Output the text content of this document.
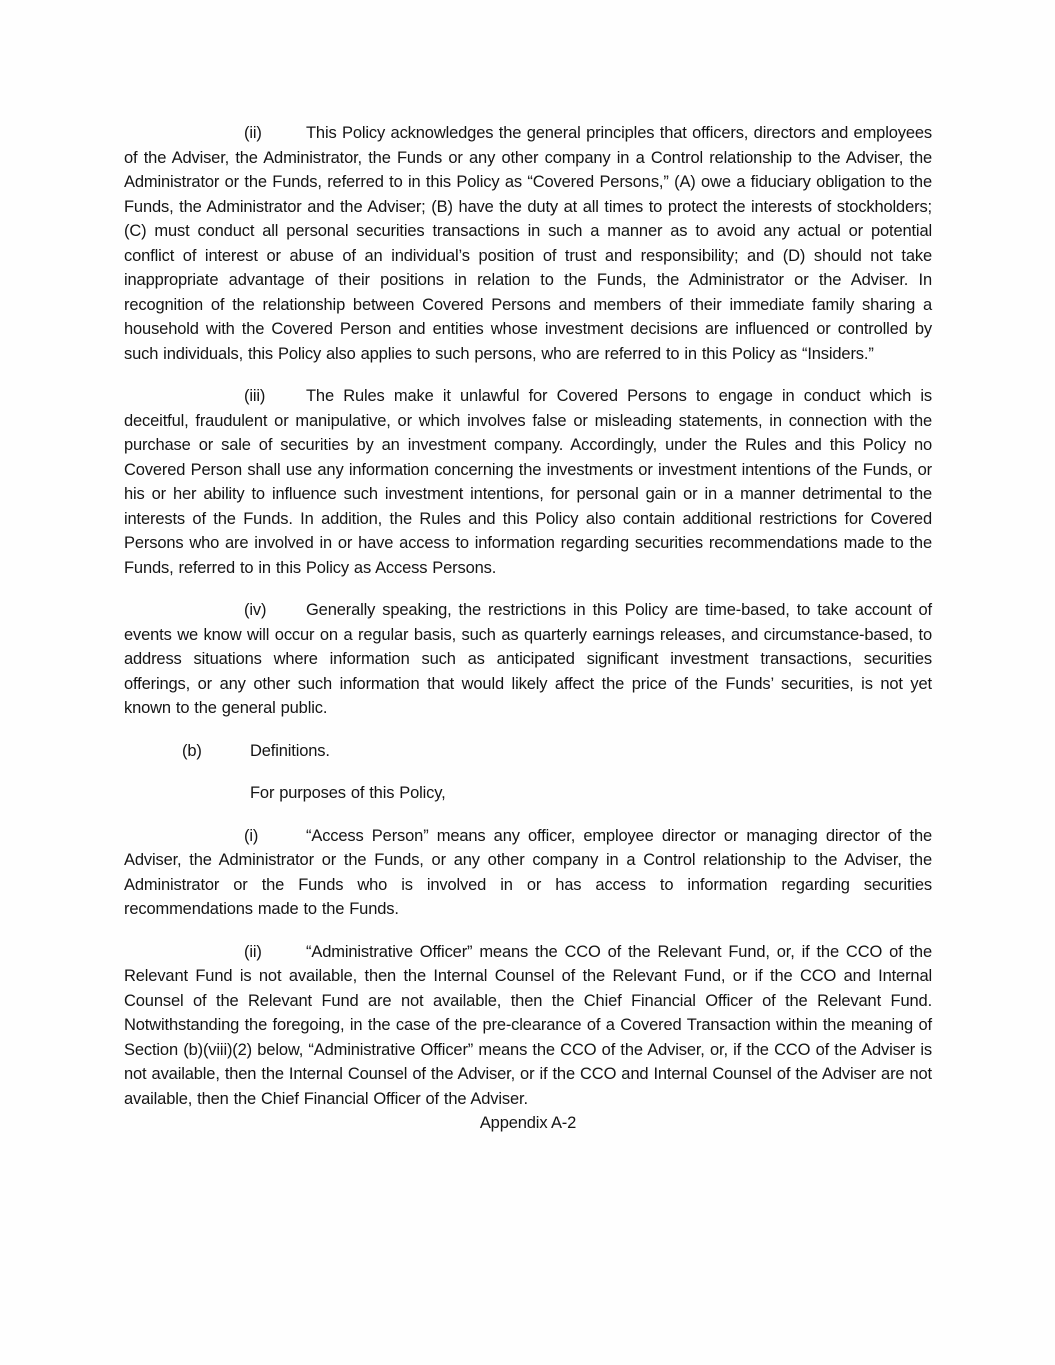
(ii)	This Policy acknowledges the general principles that officers, directors and employees of the Adviser, the Administrator, the Funds or any other company in a Control relationship to the Adviser, the Administrator or the Funds, referred to in this Policy as “Covered Persons,” (A) owe a fiduciary obligation to the Funds, the Administrator and the Adviser; (B) have the duty at all times to protect the interests of stockholders; (C) must conduct all personal securities transactions in such a manner as to avoid any actual or potential conflict of interest or abuse of an individual’s position of trust and responsibility; and (D) should not take inappropriate advantage of their positions in relation to the Funds, the Administrator or the Adviser. In recognition of the relationship between Covered Persons and members of their immediate family sharing a household with the Covered Person and entities whose investment decisions are influenced or controlled by such individuals, this Policy also applies to such persons, who are referred to in this Policy as “Insiders.”

(iii) The Rules make it unlawful for Covered Persons to engage in conduct which is deceitful, fraudulent or manipulative, or which involves false or misleading statements, in connection with the purchase or sale of securities by an investment company. Accordingly, under the Rules and this Policy no Covered Person shall use any information concerning the investments or investment intentions of the Funds, or his or her ability to influence such investment intentions, for personal gain or in a manner detrimental to the interests of the Funds. In addition, the Rules and this Policy also contain additional restrictions for Covered Persons who are involved in or have access to information regarding securities recommendations made to the Funds, referred to in this Policy as Access Persons.

(iv) Generally speaking, the restrictions in this Policy are time-based, to take account of events we know will occur on a regular basis, such as quarterly earnings releases, and circumstance-based, to address situations where information such as anticipated significant investment transactions, securities offerings, or any other such information that would likely affect the price of the Funds’ securities, is not yet known to the general public.

(b)	Definitions.

For purposes of this Policy,

(i)	“Access Person” means any officer, employee director or managing director of the Adviser, the Administrator or the Funds, or any other company in a Control relationship to the Adviser, the Administrator or the Funds who is involved in or has access to information regarding securities recommendations made to the Funds.

(ii)	“Administrative Officer” means the CCO of the Relevant Fund, or, if the CCO of the Relevant Fund is not available, then the Internal Counsel of the Relevant Fund, or if the CCO and Internal Counsel of the Relevant Fund are not available, then the Chief Financial Officer of the Relevant Fund. Notwithstanding the foregoing, in the case of the pre-clearance of a Covered Transaction within the meaning of Section (b)(viii)(2) below, “Administrative Officer” means the CCO of the Adviser, or, if the CCO of the Adviser is not available, then the Internal Counsel of the Adviser, or if the CCO and Internal Counsel of the Adviser are not available, then the Chief Financial Officer of the Adviser.

Appendix A-2
